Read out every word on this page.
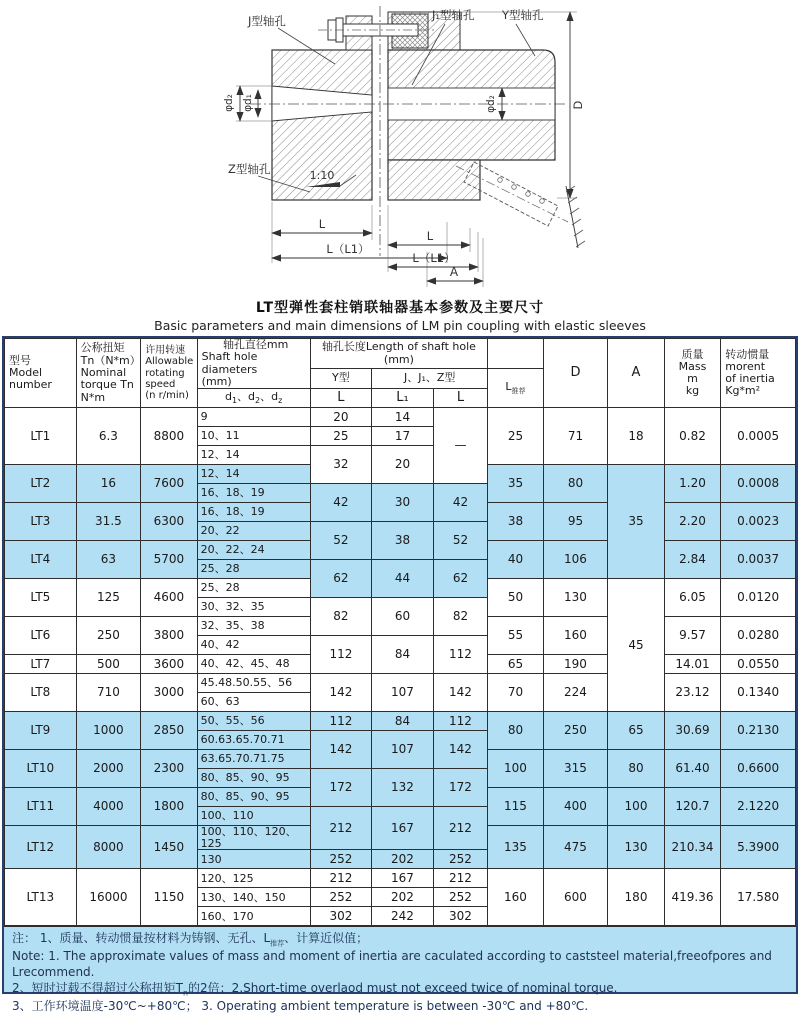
1:10
J型轴孔	J₁型轴孔 Y型轴孔
Z型轴孔
φd₂ φd₁	φd₂	D
L
L（L1）
L
L（L1）
A
LT型弹性套柱销联轴器基本参数及主要尺寸
Basic parameters and main dimensions of LM pin coupling with elastic sleeves
型号
Model
number

公称扭矩
Tn（N*m）
Nominal
torque Tn
N*m

许用转速
Allowable
rotating
speed
(n r/min)

轴孔直径mm
Shaft hole diameters
(mm)
	轴孔长度Length of shaft hole (mm)		D	A	
质量
Mass
m
kg

转动惯量
morent
of inertia
Kg*m²

				Y型	J、J₁、Z型		$L_{推荐}$
			$d_1$、$d_2$、$d_z$	L	L₁	L					
LT1	6.3	8800	9	20	14	—	25	71	18	0.82	0.0005
			10、11	25	17						
			12、14	32	20						
LT2	16	7600	12、14				35	80	35	1.20	0.0008
			16、18、19	42	30	42					
LT3	31.5	6300	16、18、19				38	95		2.20	0.0023
			20、22	52	38	52					
LT4	63	5700	20、22、24				40	106		2.84	0.0037
			25、28	62	44	62					
LT5	125	4600	25、28				50	130	45	6.05	0.0120
			30、32、35	82	60	82					
LT6	250	3800	32、35、38				55	160		9.57	0.0280
			40、42	112	84	112					
LT7	500	3600	40、42、45、48				65	190		14.01	0.0550
LT8	710	3000	45.48.50.55、56	142	107	142	70	224		23.12	0.1340
			60、63								
LT9	1000	2850	50、55、56	112	84	112	80	250	65	30.69	0.2130
			60.63.65.70.71	142	107	142					
LT10	2000	2300	63.65.70.71.75				100	315	80	61.40	0.6600
			80、85、90、95	172	132	172					
LT11	4000	1800	80、85、90、95				115	400	100	120.7	2.1220
			100、110	212	167	212					
LT12	8000	1450	100、110、120、125				135	475	130	210.34	5.3900
			130	252	202	252					
LT13	16000	1150	120、125	212	167	212	160	600	180	419.36	17.580
			130、140、150	252	202	252					
			160、170	302	242	302					
注： 1、质量、转动惯量按材料为铸钢、无孔、$L_{推荐}$、计算近似值；
Note: 1. The approximate values of mass and moment of inertia are caculated according to caststeel material,freeofpores and Lrecommend.
2、短时过载不得超过公称扭矩$T_n$的2倍；2.Short-time overlaod must not exceed twice of nominal torque.
3、工作环境温度-30℃~+80℃； 3. Operating ambient temperature is between -30℃ and +80℃.
